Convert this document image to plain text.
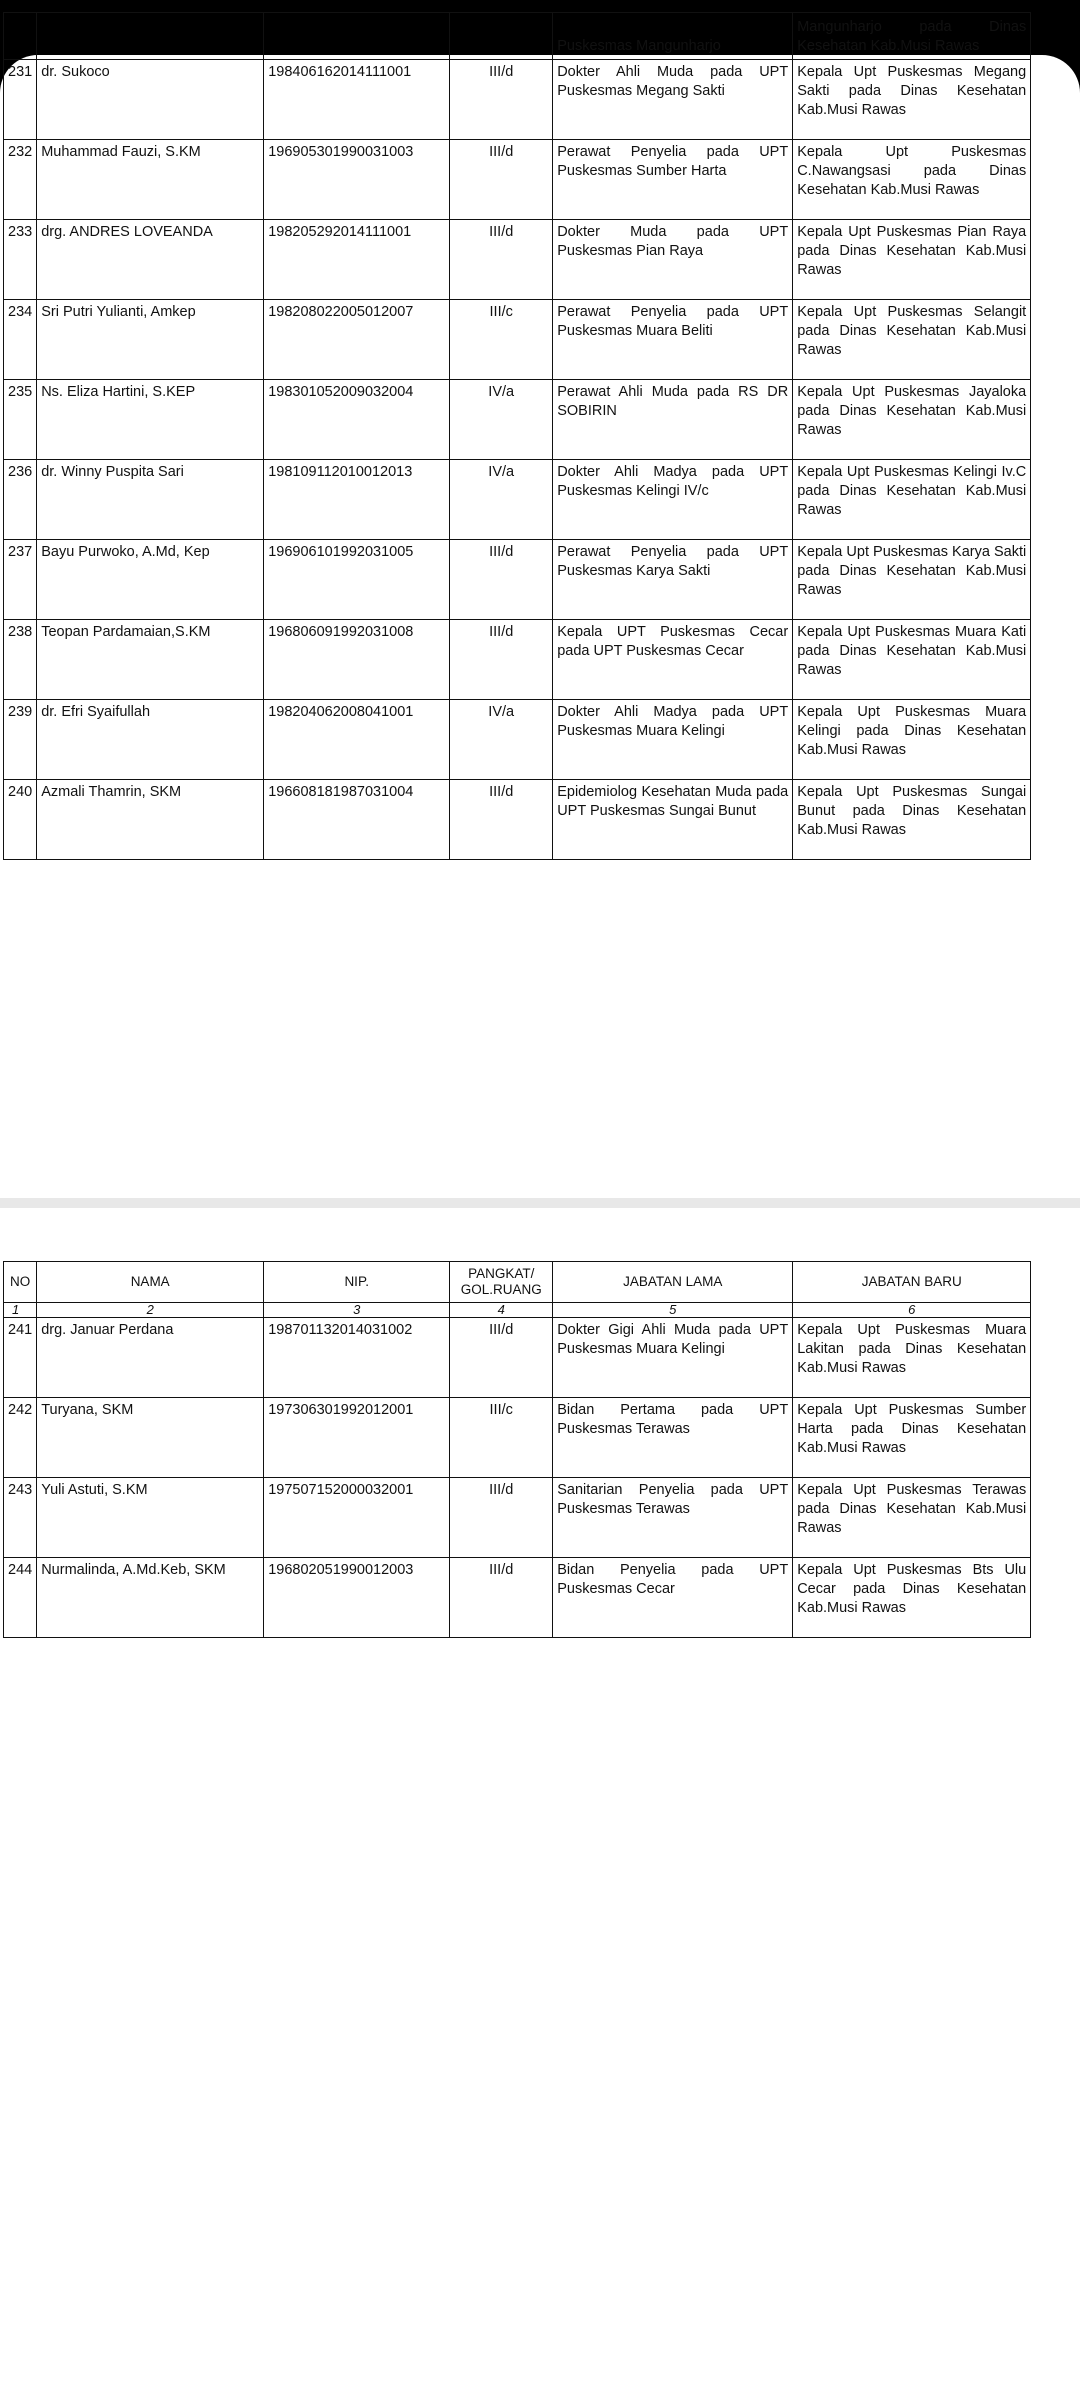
				Puskesmas Mangunharjo	Mangunharjo pada Dinas Kesehatan Kab.Musi Rawas
231	dr. Sukoco	198406162014111001	III/d	Dokter Ahli Muda pada UPT Puskesmas Megang Sakti	Kepala Upt Puskesmas Megang Sakti pada Dinas Kesehatan Kab.Musi Rawas
232	Muhammad Fauzi, S.KM	196905301990031003	III/d	Perawat Penyelia pada UPT Puskesmas Sumber Harta	Kepala Upt Puskesmas C.Nawangsasi pada Dinas Kesehatan Kab.Musi Rawas
233	drg. ANDRES LOVEANDA	198205292014111001	III/d	Dokter Muda pada UPT Puskesmas Pian Raya	Kepala Upt Puskesmas Pian Raya pada Dinas Kesehatan Kab.Musi Rawas
234	Sri Putri Yulianti, Amkep	198208022005012007	III/c	Perawat Penyelia pada UPT Puskesmas Muara Beliti	Kepala Upt Puskesmas Selangit pada Dinas Kesehatan Kab.Musi Rawas
235	Ns. Eliza Hartini, S.KEP	198301052009032004	IV/a	Perawat Ahli Muda pada RS DR SOBIRIN	Kepala Upt Puskesmas Jayaloka pada Dinas Kesehatan Kab.Musi Rawas
236	dr. Winny Puspita Sari	198109112010012013	IV/a	Dokter Ahli Madya pada UPT Puskesmas Kelingi IV/c	Kepala Upt Puskesmas Kelingi Iv.C pada Dinas Kesehatan Kab.Musi Rawas
237	Bayu Purwoko, A.Md, Kep	196906101992031005	III/d	Perawat Penyelia pada UPT Puskesmas Karya Sakti	Kepala Upt Puskesmas Karya Sakti pada Dinas Kesehatan Kab.Musi Rawas
238	Teopan Pardamaian,S.KM	196806091992031008	III/d	Kepala UPT Puskesmas Cecar pada UPT Puskesmas Cecar	Kepala Upt Puskesmas Muara Kati pada Dinas Kesehatan Kab.Musi Rawas
239	dr. Efri Syaifullah	198204062008041001	IV/a	Dokter Ahli Madya pada UPT Puskesmas Muara Kelingi	Kepala Upt Puskesmas Muara Kelingi pada Dinas Kesehatan Kab.Musi Rawas
240	Azmali Thamrin, SKM	196608181987031004	III/d	Epidemiolog Kesehatan Muda pada UPT Puskesmas Sungai Bunut	Kepala Upt Puskesmas Sungai Bunut pada Dinas Kesehatan Kab.Musi Rawas
NO	NAMA	NIP.	PANGKAT/ GOL.RUANG	JABATAN LAMA	JABATAN BARU
1	2	3	4	5	6
241	drg. Januar Perdana	198701132014031002	III/d	Dokter Gigi Ahli Muda pada UPT Puskesmas Muara Kelingi	Kepala Upt Puskesmas Muara Lakitan pada Dinas Kesehatan Kab.Musi Rawas
242	Turyana, SKM	197306301992012001	III/c	Bidan Pertama pada UPT Puskesmas Terawas	Kepala Upt Puskesmas Sumber Harta pada Dinas Kesehatan Kab.Musi Rawas
243	Yuli Astuti, S.KM	197507152000032001	III/d	Sanitarian Penyelia pada UPT Puskesmas Terawas	Kepala Upt Puskesmas Terawas pada Dinas Kesehatan Kab.Musi Rawas
244	Nurmalinda, A.Md.Keb, SKM	196802051990012003	III/d	Bidan Penyelia pada UPT Puskesmas Cecar	Kepala Upt Puskesmas Bts Ulu Cecar pada Dinas Kesehatan Kab.Musi Rawas
